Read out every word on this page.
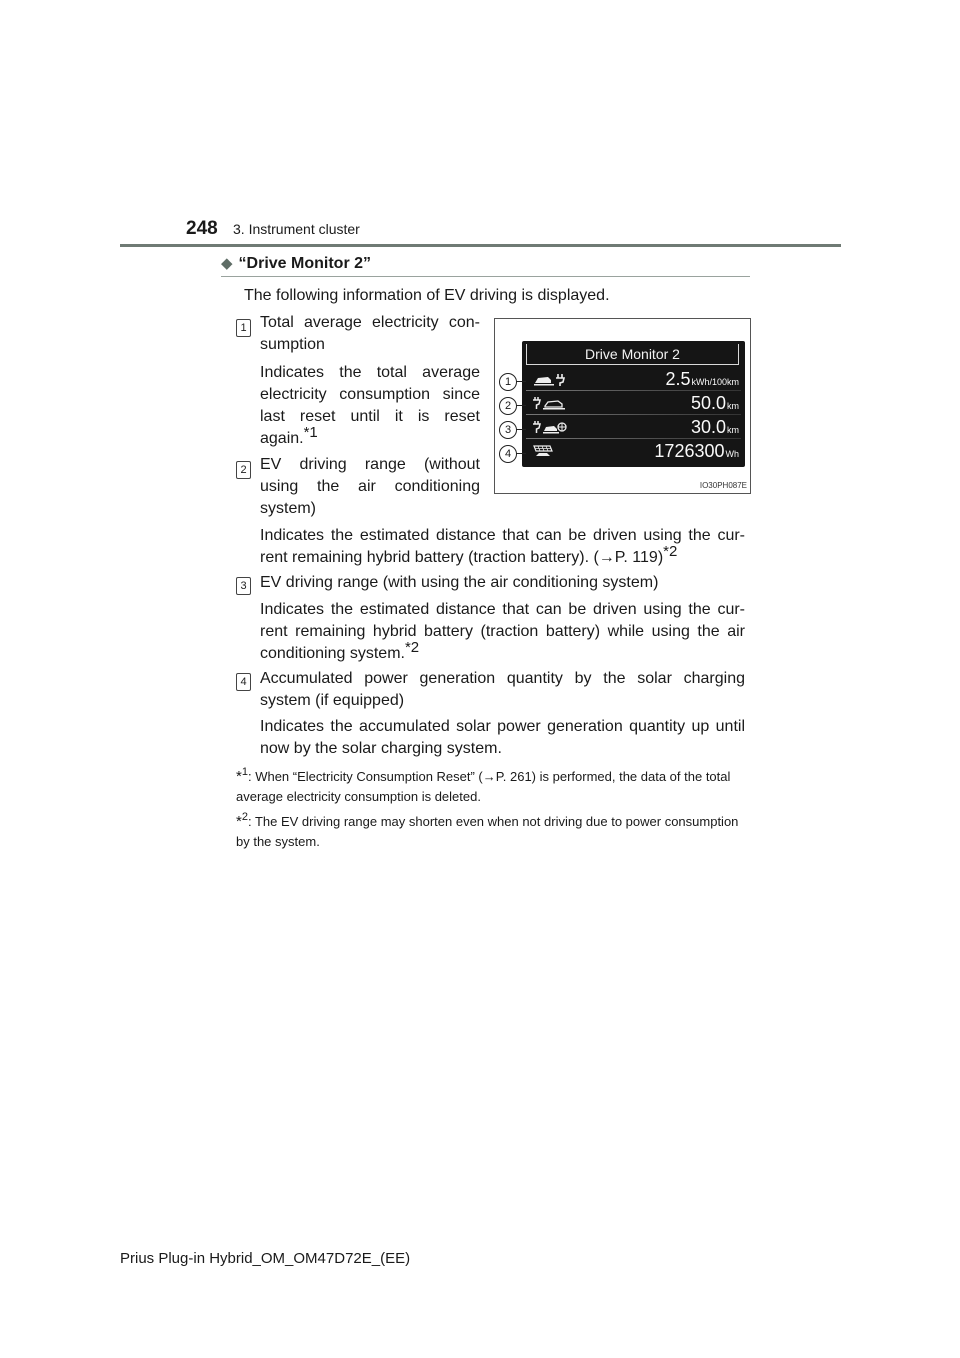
248 3. Instrument cluster
◆ “Drive Monitor 2”
The following information of EV driving is displayed.
1 Total average electricity con-sumption
Indicates the total average electricity consumption since last reset until it is reset again.$^{*1}$
2 EV driving range (without using the air conditioning system)
Indicates the estimated distance that can be driven using the cur-rent remaining hybrid battery (traction battery). (→P. 119)$^{*2}$
3 EV driving range (with using the air conditioning system)
Indicates the estimated distance that can be driven using the cur-rent remaining hybrid battery (traction battery) while using the air conditioning system.$^{*2}$
4 Accumulated power generation quantity by the solar charging system (if equipped)
Indicates the accumulated solar power generation quantity up until now by the solar charging system.
Drive Monitor 2
2.5kWh/100km
50.0km
30.0km
1726300Wh
1
2
3
4
IO30PH087E
*$^1$: When “Electricity Consumption Reset” (→P. 261) is performed, the data of the total average electricity consumption is deleted.
*$^2$: The EV driving range may shorten even when not driving due to power consumption by the system.
Prius Plug-in Hybrid_OM_OM47D72E_(EE)
